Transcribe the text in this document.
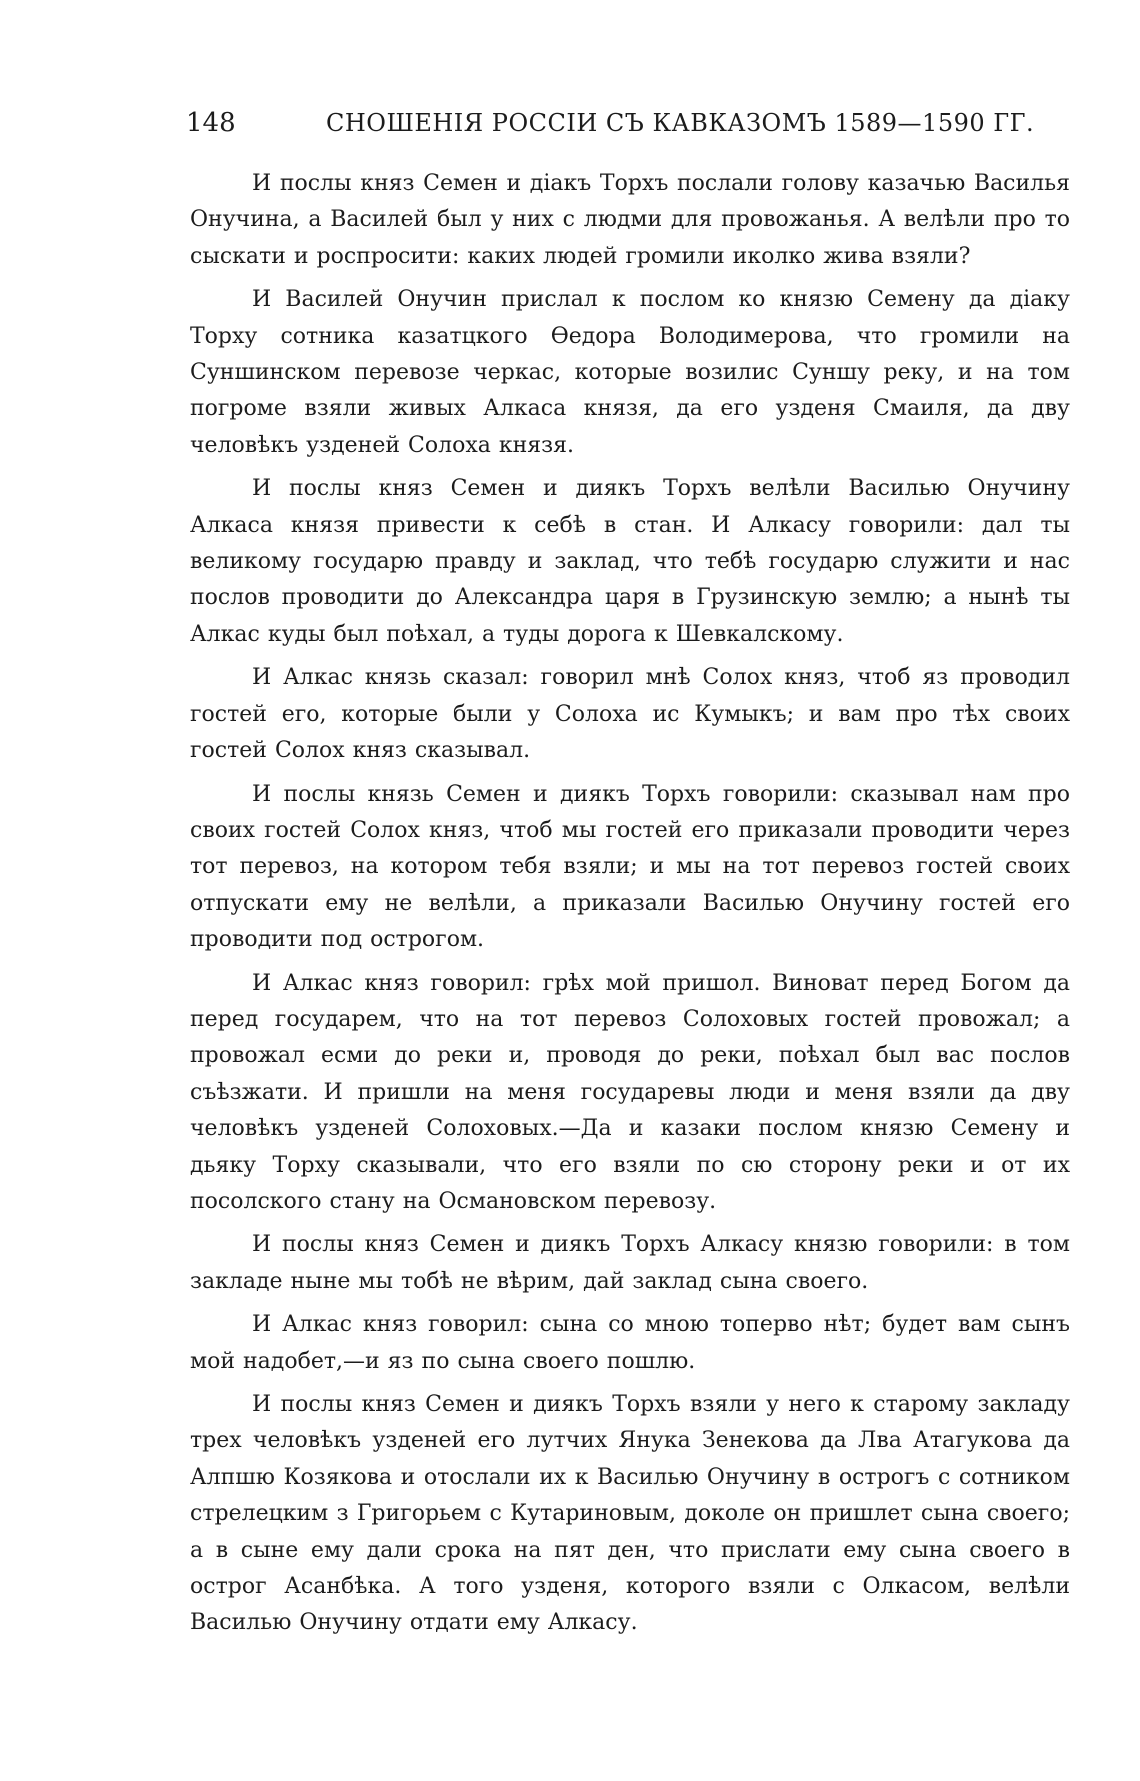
148	СНОШЕНІЯ РОССІИ СЪ КАВКАЗОМЪ 1589—1590 ГГ.

И послы княз Семен и діакъ Торхъ послали голову казачью Василья Онучина, а Василей был у них с людми для провожанья. А велѣли про то сыскати и роспросити: каких людей громили иколко жива взяли?

И Василей Онучин прислал к послом ко князю Семену да діаку Торху сотника казатцкого Өедора Володимерова, что громили на Суншинском перевозе черкас, которые возилис Суншу реку, и на том погроме взяли живых Алкаса князя, да его узденя Смаиля, да дву человѣкъ узденей Солоха князя.

И послы княз Семен и диякъ Торхъ велѣли Василью Онучину Алкаса князя привести к себѣ в стан. И Алкасу говорили: дал ты великому государю правду и заклад, что тебѣ государю служити и нас послов проводити до Александра царя в Грузинскую землю; а нынѣ ты Алкас куды был поѣхал, а туды дорога к Шевкалскому.

И Алкас князь сказал: говорил мнѣ Солох княз, чтоб яз проводил гостей его, которые были у Солоха ис Кумыкъ; и вам про тѣх своих гостей Солох княз сказывал.

И послы князь Семен и диякъ Торхъ говорили: сказывал нам про своих гостей Солох княз, чтоб мы гостей его приказали проводити через тот перевоз, на котором тебя взяли; и мы на тот перевоз гостей своих отпускати ему не велѣли, а приказали Василью Онучину гостей его проводити под острогом.

И Алкас княз говорил: грѣх мой пришол. Виноват перед Богом да перед государем, что на тот перевоз Солоховых гостей провожал; а провожал есми до реки и, проводя до реки, поѣхал был вас послов съѣзжати. И пришли на меня государевы люди и меня взяли да дву человѣкъ узденей Солоховых.—Да и казаки послом князю Семену и дьяку Торху сказывали, что его взяли по сю сторону реки и от их посолского стану на Османовском перевозу.

И послы княз Семен и диякъ Торхъ Алкасу князю говорили: в том закладе ныне мы тобѣ не вѣрим, дай заклад сына своего.

И Алкас княз говорил: сына со мною топерво нѣт; будет вам сынъ мой надобет,—и яз по сына своего пошлю.

И послы княз Семен и диякъ Торхъ взяли у него к старому закладу трех человѣкъ узденей его лутчих Янука Зенекова да Лва Атагукова да Алпшю Козякова и отослали их к Василью Онучину в острогъ с сотником стрелецким з Григорьем с Кутариновым, доколе он пришлет сына своего; а в сыне ему дали срока на пят ден, что прислати ему сына своего в острог Асанбѣка. А того узденя, которого взяли с Олкасом, велѣли Василью Онучину отдати ему Алкасу.
